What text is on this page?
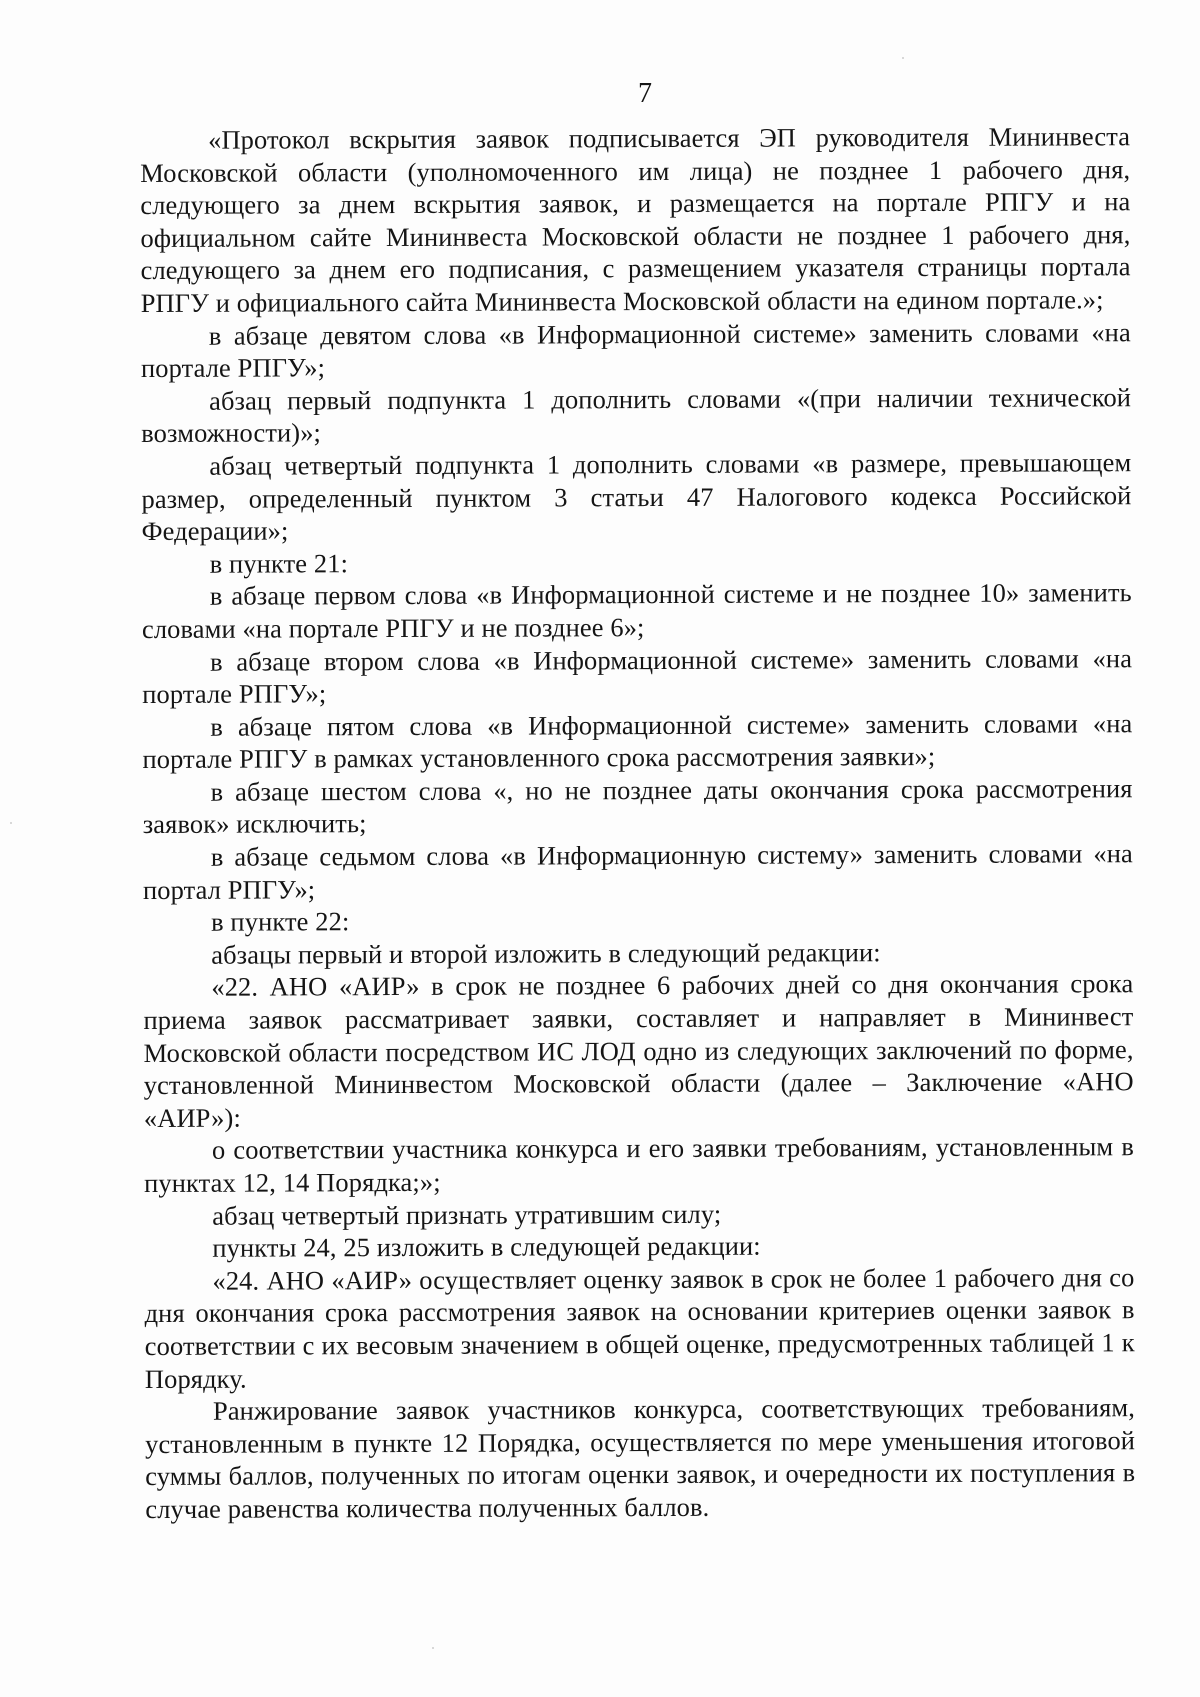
7

«Протокол вскрытия заявок подписывается ЭП руководителя Мининвеста Московской области (уполномоченного им лица) не позднее 1 рабочего дня, следующего за днем вскрытия заявок, и размещается на портале РПГУ и на официальном сайте Мининвеста Московской области не позднее 1 рабочего дня, следующего за днем его подписания, с размещением указателя страницы портала РПГУ и официального сайта Мининвеста Московской области на едином портале.»;

в абзаце девятом слова «в Информационной системе» заменить словами «на портале РПГУ»;

абзац первый подпункта 1 дополнить словами «(при наличии технической возможности)»;

абзац четвертый подпункта 1 дополнить словами «в размере, превышающем размер, определенный пунктом 3 статьи 47 Налогового кодекса Российской Федерации»;

в пункте 21:

в абзаце первом слова «в Информационной системе и не позднее 10» заменить словами «на портале РПГУ и не позднее 6»;

в абзаце втором слова «в Информационной системе» заменить словами «на портале РПГУ»;

в абзаце пятом слова «в Информационной системе» заменить словами «на портале РПГУ в рамках установленного срока рассмотрения заявки»;

в абзаце шестом слова «, но не позднее даты окончания срока рассмотрения заявок» исключить;

в абзаце седьмом слова «в Информационную систему» заменить словами «на портал РПГУ»;

в пункте 22:

абзацы первый и второй изложить в следующий редакции:

«22. АНО «АИР» в срок не позднее 6 рабочих дней со дня окончания срока приема заявок рассматривает заявки, составляет и направляет в Мининвест Московской области посредством ИС ЛОД одно из следующих заключений по форме, установленной Мининвестом Московской области (далее – Заключение «АНО «АИР»):

о соответствии участника конкурса и его заявки требованиям, установленным в пунктах 12, 14 Порядка;»;

абзац четвертый признать утратившим силу;

пункты 24, 25 изложить в следующей редакции:

«24. АНО «АИР» осуществляет оценку заявок в срок не более 1 рабочего дня со дня окончания срока рассмотрения заявок на основании критериев оценки заявок в соответствии с их весовым значением в общей оценке, предусмотренных таблицей 1 к Порядку.

Ранжирование заявок участников конкурса, соответствующих требованиям, установленным в пункте 12 Порядка, осуществляется по мере уменьшения итоговой суммы баллов, полученных по итогам оценки заявок, и очередности их поступления в случае равенства количества полученных баллов.
